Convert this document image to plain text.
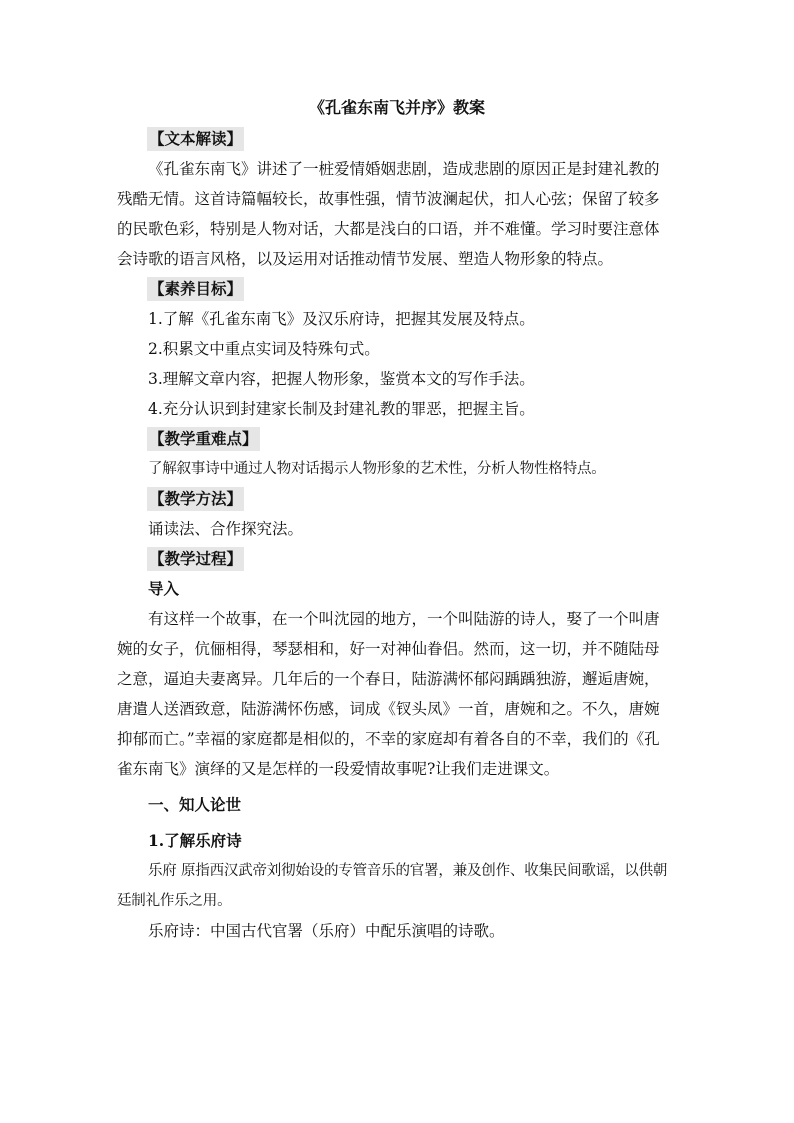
《孔雀东南飞并序》教案
【文本解读】

《孔雀东南飞》讲述了一桩爱情婚姻悲剧，造成悲剧的原因正是封建礼教的残酷无情。这首诗篇幅较长，故事性强，情节波澜起伏，扣人心弦；保留了较多的民歌色彩，特别是人物对话，大都是浅白的口语，并不难懂。学习时要注意体会诗歌的语言风格，以及运用对话推动情节发展、塑造人物形象的特点。

【素养目标】

1.了解《孔雀东南飞》及汉乐府诗，把握其发展及特点。

2.积累文中重点实词及特殊句式。

3.理解文章内容，把握人物形象，鉴赏本文的写作手法。

4.充分认识到封建家长制及封建礼教的罪恶，把握主旨。

【教学重难点】

了解叙事诗中通过人物对话揭示人物形象的艺术性，分析人物性格特点。

【教学方法】

诵读法、合作探究法。

【教学过程】

导入

有这样一个故事，在一个叫沈园的地方，一个叫陆游的诗人，娶了一个叫唐婉的女子，伉俪相得，琴瑟相和，好一对神仙眷侣。然而，这一切，并不随陆母之意，逼迫夫妻离异。几年后的一个春日，陆游满怀郁闷踽踽独游，邂逅唐婉，唐遣人送酒致意，陆游满怀伤感，词成《钗头凤》一首，唐婉和之。不久，唐婉抑郁而亡。”幸福的家庭都是相似的，不幸的家庭却有着各自的不幸，我们的《孔雀东南飞》演绎的又是怎样的一段爱情故事呢?让我们走进课文。

一、知人论世

1.了解乐府诗

乐府 原指西汉武帝刘彻始设的专管音乐的官署，兼及创作、收集民间歌谣，以供朝廷制礼作乐之用。

乐府诗：中国古代官署（乐府）中配乐演唱的诗歌。
